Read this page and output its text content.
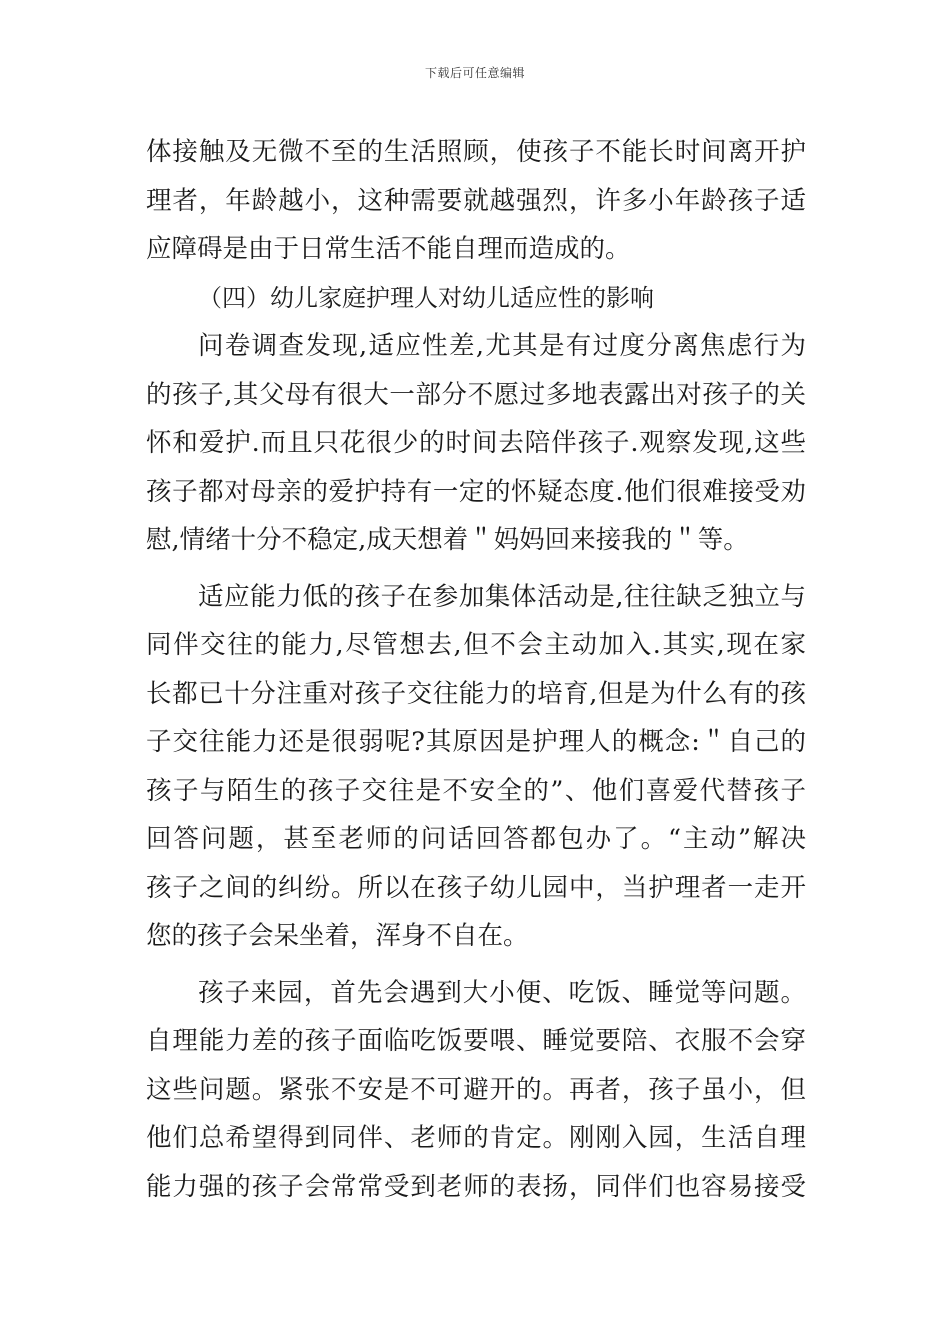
下载后可任意编辑
体接触及无微不至的生活照顾，使孩子不能长时间离开护
理者，年龄越小，这种需要就越强烈，许多小年龄孩子适
应障碍是由于日常生活不能自理而造成的。
（四）幼儿家庭护理人对幼儿适应性的影响
问卷调查发现,适应性差,尤其是有过度分离焦虑行为
的孩子,其父母有很大一部分不愿过多地表露出对孩子的关
怀和爱护.而且只花很少的时间去陪伴孩子.观察发现,这些
孩子都对母亲的爱护持有一定的怀疑态度.他们很难接受劝
慰,情绪十分不稳定,成天想着＂妈妈回来接我的＂等。
适应能力低的孩子在参加集体活动是,往往缺乏独立与
同伴交往的能力,尽管想去,但不会主动加入.其实,现在家
长都已十分注重对孩子交往能力的培育,但是为什么有的孩
子交往能力还是很弱呢?其原因是护理人的概念:＂自己的
孩子与陌生的孩子交往是不安全的”、他们喜爱代替孩子
回答问题，甚至老师的问话回答都包办了。“主动”解决
孩子之间的纠纷。所以在孩子幼儿园中，当护理者一走开
您的孩子会呆坐着，浑身不自在。
孩子来园，首先会遇到大小便、吃饭、睡觉等问题。
自理能力差的孩子面临吃饭要喂、睡觉要陪、衣服不会穿
这些问题。紧张不安是不可避开的。再者，孩子虽小，但
他们总希望得到同伴、老师的肯定。刚刚入园，生活自理
能力强的孩子会常常受到老师的表扬，同伴们也容易接受
